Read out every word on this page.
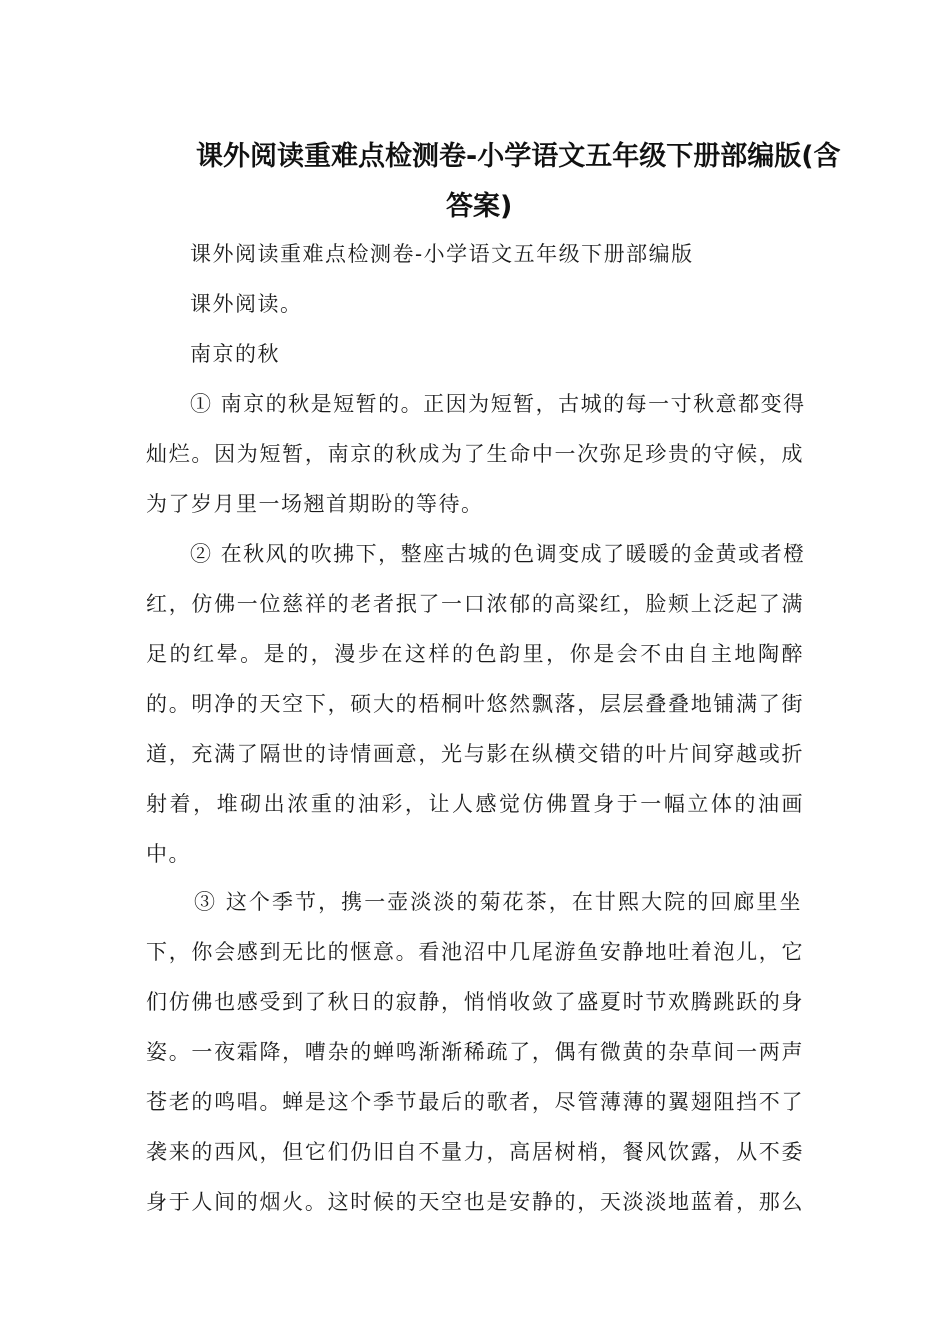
课外阅读重难点检测卷-小学语文五年级下册部编版(含
答案)

课外阅读重难点检测卷-小学语文五年级下册部编版

课外阅读。

南京的秋

① 南京的秋是短暂的。正因为短暂，古城的每一寸秋意都变得

灿烂。因为短暂，南京的秋成为了生命中一次弥足珍贵的守候，成

为了岁月里一场翘首期盼的等待。

② 在秋风的吹拂下，整座古城的色调变成了暖暖的金黄或者橙

红，仿佛一位慈祥的老者抿了一口浓郁的高粱红，脸颊上泛起了满

足的红晕。是的，漫步在这样的色韵里，你是会不由自主地陶醉

的。明净的天空下，硕大的梧桐叶悠然飘落，层层叠叠地铺满了街

道，充满了隔世的诗情画意，光与影在纵横交错的叶片间穿越或折

射着，堆砌出浓重的油彩，让人感觉仿佛置身于一幅立体的油画

中。

③ 这个季节，携一壶淡淡的菊花茶，在甘熙大院的回廊里坐

下，你会感到无比的惬意。看池沼中几尾游鱼安静地吐着泡儿，它

们仿佛也感受到了秋日的寂静，悄悄收敛了盛夏时节欢腾跳跃的身

姿。一夜霜降，嘈杂的蝉鸣渐渐稀疏了，偶有微黄的杂草间一两声

苍老的鸣唱。蝉是这个季节最后的歌者，尽管薄薄的翼翅阻挡不了

袭来的西风，但它们仍旧自不量力，高居树梢，餐风饮露，从不委

身于人间的烟火。这时候的天空也是安静的，天淡淡地蓝着，那么
